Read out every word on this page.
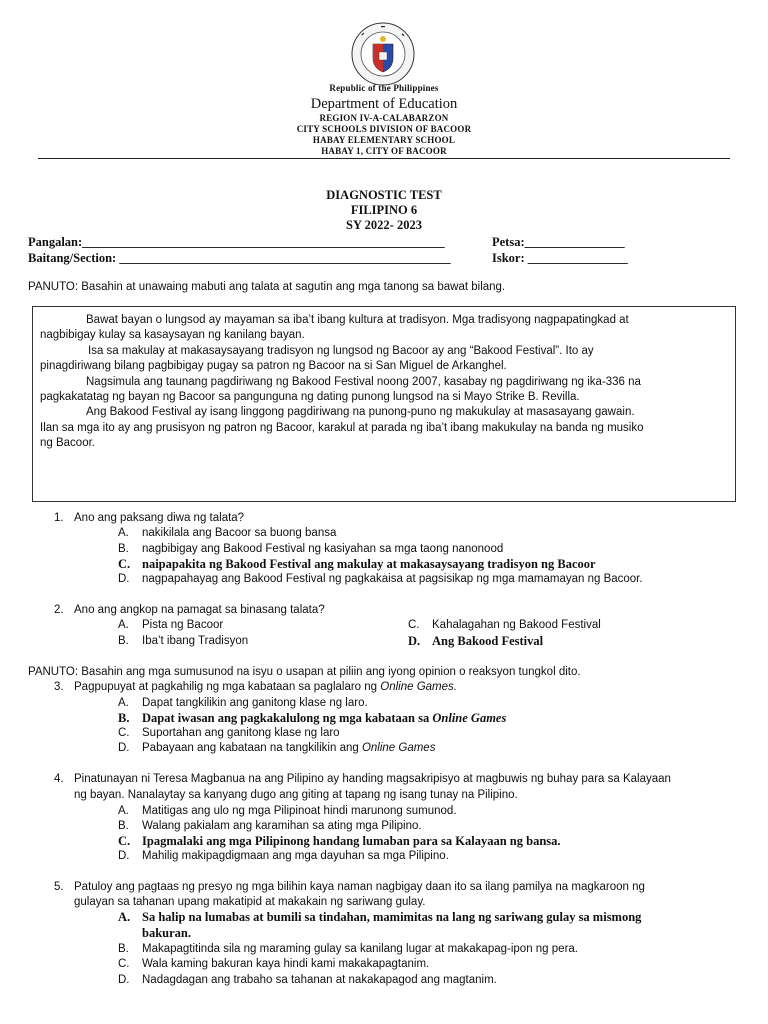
Republic of the Philippines
Department of Education
REGION IV-A-CALABARZON
CITY SCHOOLS DIVISION OF BACOOR
HABAY ELEMENTARY SCHOOL
HABAY 1, CITY OF BACOOR
DIAGNOSTIC TEST
FILIPINO 6
SY 2022- 2023
Pangalan:__________________________________________________________	Petsa:________________
Baitang/Section: _____________________________________________________	Iskor: ________________
PANUTO: Basahin at unawaing mabuti ang talata at sagutin ang mga tanong sa bawat bilang.
Bawat bayan o lungsod ay mayaman sa iba’t ibang kultura at tradisyon. Mga tradisyong nagpapatingkad at
nagbibigay kulay sa kasaysayan ng kanilang bayan.
Isa sa makulay at makasaysayang tradisyon ng lungsod ng Bacoor ay ang “Bakood Festival”. Ito ay
pinagdiriwang bilang pagbibigay pugay sa patron ng Bacoor na si San Miguel de Arkanghel.
Nagsimula ang taunang pagdiriwang ng Bakood Festival noong 2007, kasabay ng pagdiriwang ng ika-336 na
pagkakatatag ng bayan ng Bacoor sa pangunguna ng dating punong lungsod na si Mayo Strike B. Revilla.
Ang Bakood Festival ay isang linggong pagdiriwang na punong-puno ng makukulay at masasayang gawain.
Ilan sa mga ito ay ang prusisyon ng patron ng Bacoor, karakul at parada ng iba’t ibang makukulay na banda ng musiko
ng Bacoor.
1. Ano ang paksang diwa ng talata?
A. nakikilala ang Bacoor sa buong bansa
B. nagbibigay ang Bakood Festival ng kasiyahan sa mga taong nanonood
C. naipapakita ng Bakood Festival ang makulay at makasaysayang tradisyon ng Bacoor
D. nagpapahayag ang Bakood Festival ng pagkakaisa at pagsisikap ng mga mamamayan ng Bacoor.
2. Ano ang angkop na pamagat sa binasang talata?
A. Pista ng Bacoor	C. Kahalagahan ng Bakood Festival
B. Iba’t ibang Tradisyon	D. Ang Bakood Festival
PANUTO: Basahin ang mga sumusunod na isyu o usapan at piliin ang iyong opinion o reaksyon tungkol dito.
3. Pagpupuyat at pagkahilig ng mga kabataan sa paglalaro ng Online Games.
A. Dapat tangkilikin ang ganitong klase ng laro.
B. Dapat iwasan ang pagkakalulong ng mga kabataan sa Online Games
C. Suportahan ang ganitong klase ng laro
D. Pabayaan ang kabataan na tangkilikin ang Online Games
4. Pinatunayan ni Teresa Magbanua na ang Pilipino ay handing magsakripisyo at magbuwis ng buhay para sa Kalayaan
ng bayan. Nanalaytay sa kanyang dugo ang giting at tapang ng isang tunay na Pilipino.
A. Matitigas ang ulo ng mga Pilipinoat hindi marunong sumunod.
B. Walang pakialam ang karamihan sa ating mga Pilipino.
C. Ipagmalaki ang mga Pilipinong handang lumaban para sa Kalayaan ng bansa.
D. Mahilig makipagdigmaan ang mga dayuhan sa mga Pilipino.
5. Patuloy ang pagtaas ng presyo ng mga bilihin kaya naman nagbigay daan ito sa ilang pamilya na magkaroon ng
gulayan sa tahanan upang makatipid at makakain ng sariwang gulay.
A. Sa halip na lumabas at bumili sa tindahan, mamimitas na lang ng sariwang gulay sa mismong
bakuran.
B. Makapagtitinda sila ng maraming gulay sa kanilang lugar at makakapag-ipon ng pera.
C. Wala kaming bakuran kaya hindi kami makakapagtanim.
D. Nadagdagan ang trabaho sa tahanan at nakakapagod ang magtanim.
